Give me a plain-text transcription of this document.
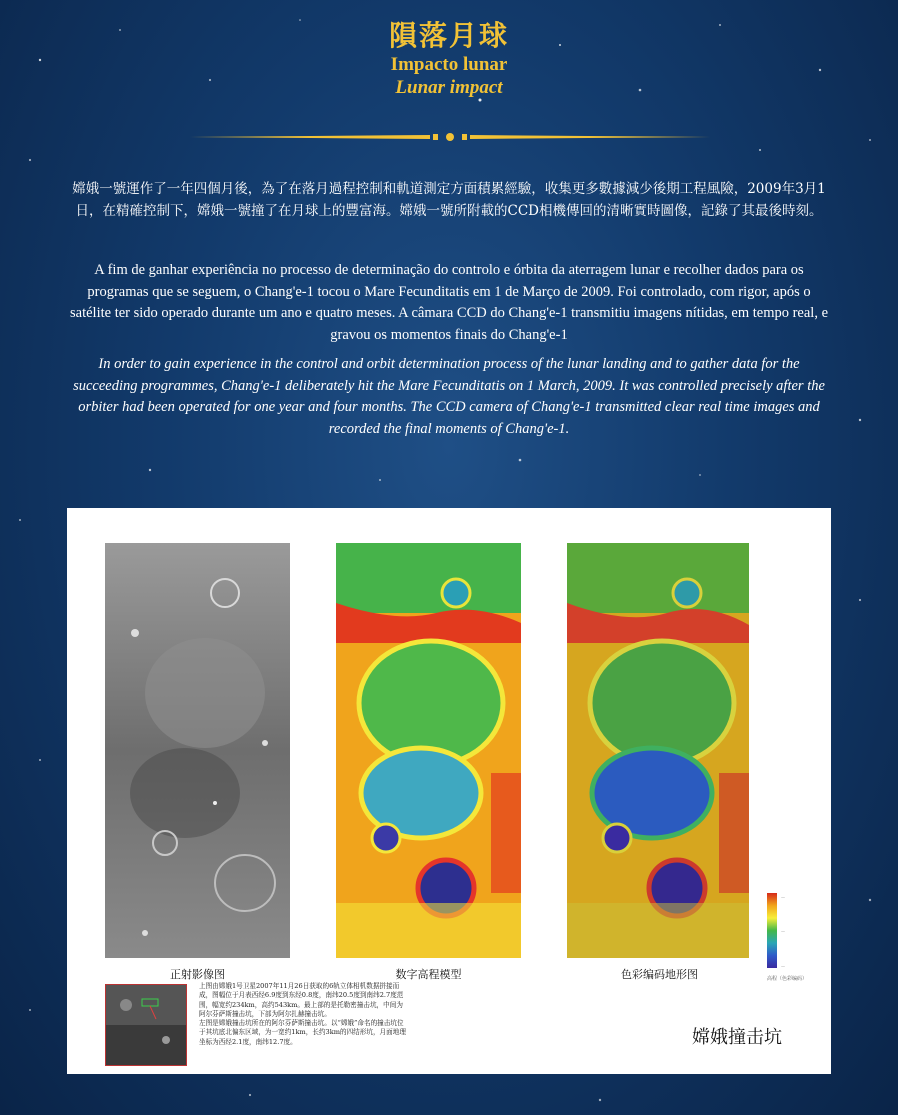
隕落月球
Impacto lunar
Lunar impact
嫦娥一號運作了一年四個月後，為了在落月過程控制和軌道測定方面積累經驗，收集更多數據減少後期工程風險，2009年3月1日，在精確控制下，嫦娥一號撞了在月球上的豐富海。嫦娥一號所附載的CCD相機傳回的清晰實時圖像，記錄了其最後時刻。
A fim de ganhar experiência no processo de determinação do controlo e órbita da aterragem lunar e recolher dados para os programas que se seguem, o Chang'e-1 tocou o Mare Fecunditatis em 1 de Março de 2009. Foi controlado, com rigor, após o satélite ter sido operado durante um ano e quatro meses. A câmara CCD do Chang'e-1 transmitiu imagens nítidas, em tempo real, e gravou os momentos finais do Chang'e-1
In order to gain experience in the control and orbit determination process of the lunar landing and to gather data for the succeeding programmes, Chang'e-1 deliberately hit the Mare Fecunditatis on 1 March, 2009. It was controlled precisely after the orbiter had been operated for one year and four months. The CCD camera of Chang'e-1 transmitted clear real time images and recorded the final moments of Chang'e-1.
正射影像图	数字高程模型	色彩编码地形图
—
—
—
高程（色彩编码）

上图由嫦娥1号卫星2007年11月26日获取的6轨立体相机数据拼接而成，图幅位于月表西经6.9度到东经0.8度，南纬20.5度到南纬2.7度范围，幅宽约234km，高约543km。最上部的是托勒密撞击坑，中间为阿尔芬萨斯撞击坑，下部为阿尔扎赫撞击坑。

左图是嫦娥撞击坑所在的阿尔芬萨斯撞击坑。以“嫦娥”命名的撞击坑位于其坑底北偏东区域，为一宽约1km，长约3km的四结形坑，月面地理坐标为西经2.1度，南纬12.7度。	嫦娥撞击坑
